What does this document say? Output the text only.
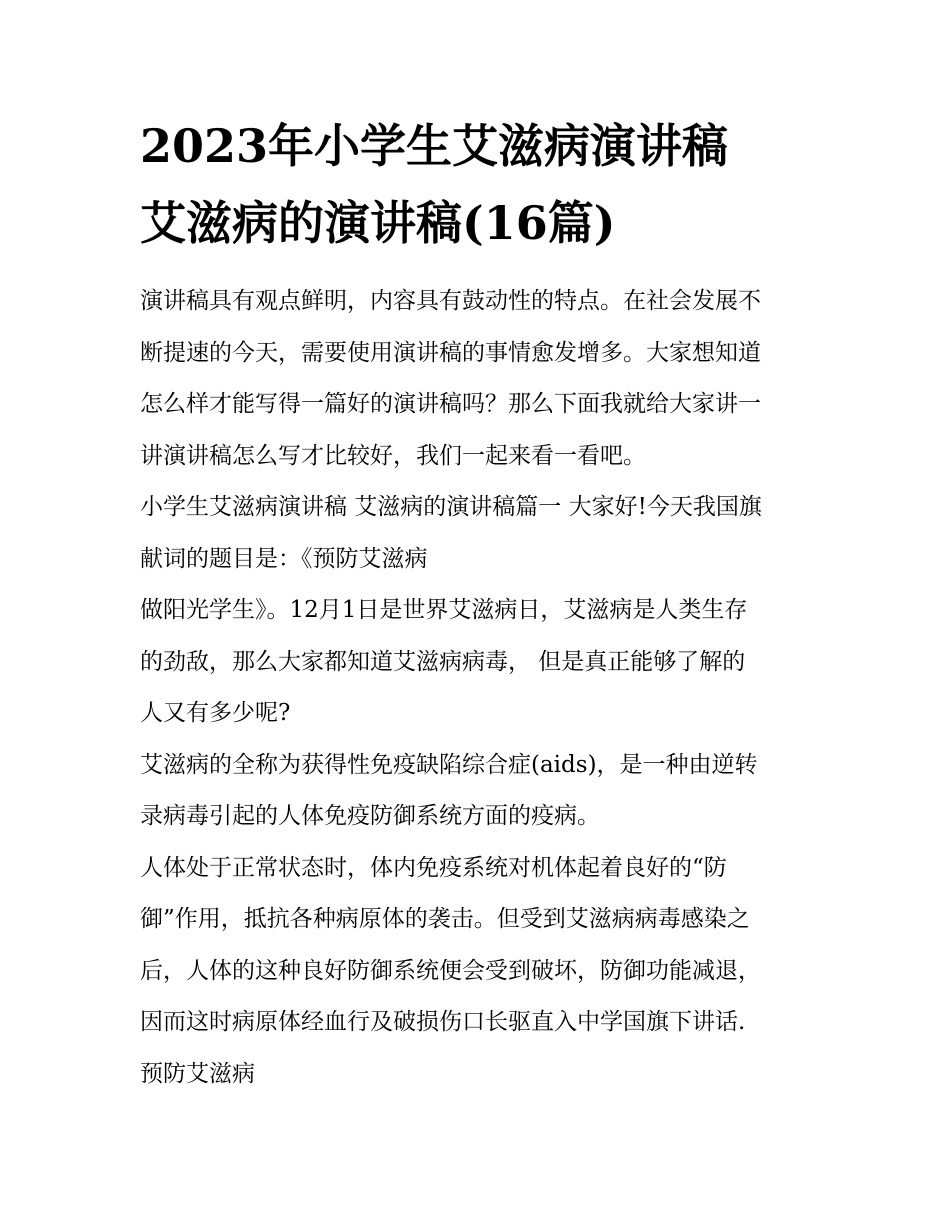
2023年小学生艾滋病演讲稿
艾滋病的演讲稿(16篇)
演讲稿具有观点鲜明，内容具有鼓动性的特点。在社会发展不
断提速的今天，需要使用演讲稿的事情愈发增多。大家想知道
怎么样才能写得一篇好的演讲稿吗？那么下面我就给大家讲一
讲演讲稿怎么写才比较好，我们一起来看一看吧。
小学生艾滋病演讲稿 艾滋病的演讲稿篇一 大家好!今天我国旗
献词的题目是：《预防艾滋病
做阳光学生》。12月1日是世界艾滋病日，艾滋病是人类生存
的劲敌，那么大家都知道艾滋病病毒， 但是真正能够了解的
人又有多少呢?
艾滋病的全称为获得性免疫缺陷综合症(aids)，是一种由逆转
录病毒引起的人体免疫防御系统方面的疫病。
人体处于正常状态时，体内免疫系统对机体起着良好的“防
御”作用，抵抗各种病原体的袭击。但受到艾滋病病毒感染之
后，人体的这种良好防御系统便会受到破坏，防御功能减退，
因而这时病原体经血行及破损伤口长驱直入中学国旗下讲话.
预防艾滋病
